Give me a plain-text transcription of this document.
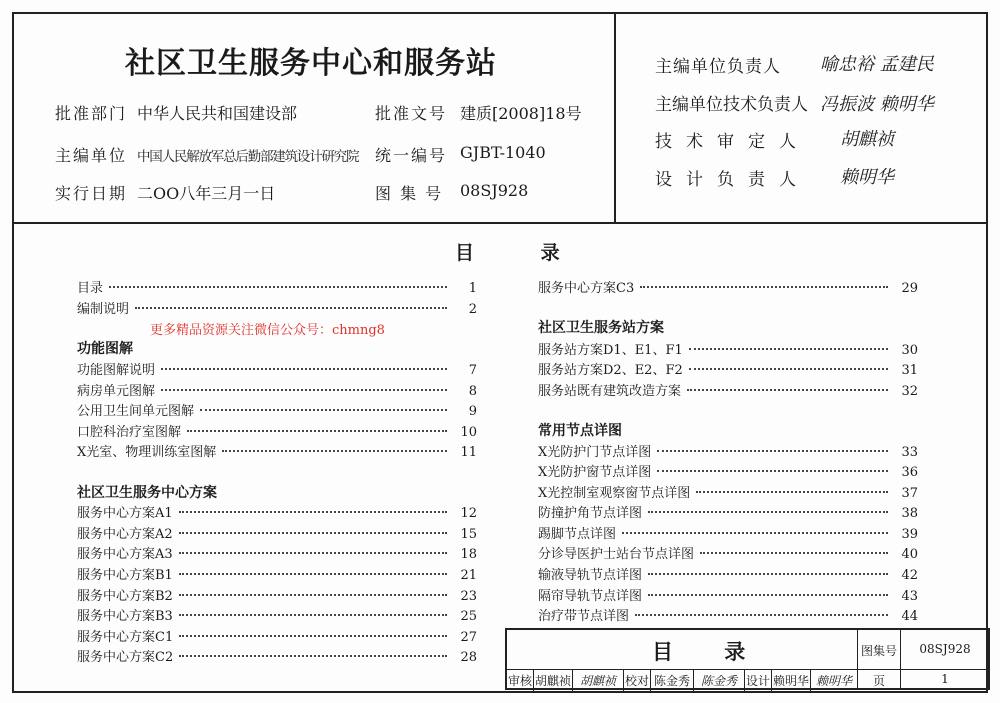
社区卫生服务中心和服务站
批准部门 中华人民共和国建设部	批准文号 建质[2008]18号
主编单位 中国人民解放军总后勤部建筑设计研究院 统一编号 GJBT-1040
实行日期 二OO八年三月一日	图 集 号 08SJ928
主编单位负责人 喻忠裕 孟建民
主编单位技术负责人 冯振波 赖明华
技术审定人 胡麒祯
设计负责人 赖明华
目 录
目录	1
编制说明	2
功能图解
功能图解说明	7
病房单元图解	8
公用卫生间单元图解	9
口腔科治疗室图解	10
X光室、物理训练室图解	11
社区卫生服务中心方案
服务中心方案A1	12
服务中心方案A2	15
服务中心方案A3	18
服务中心方案B1	21
服务中心方案B2	23
服务中心方案B3	25
服务中心方案C1	27
服务中心方案C2	28
服务中心方案C3	29
社区卫生服务站方案
服务站方案D1、E1、F1	30
服务站方案D2、E2、F2	31
服务站既有建筑改造方案	32
常用节点详图
X光防护门节点详图	33
X光防护窗节点详图	36
X光控制室观察窗节点详图	37
防撞护角节点详图	38
踢脚节点详图	39
分诊导医护士站台节点详图	40
输液导轨节点详图	42
隔帘导轨节点详图	43
治疗带节点详图	44
更多精品资源关注微信公众号：chmng8
目 录	图集号	08SJ928
页	1
审核 胡麒祯 胡麒祯 校对 陈金秀 陈金秀 设计 赖明华 赖明华
